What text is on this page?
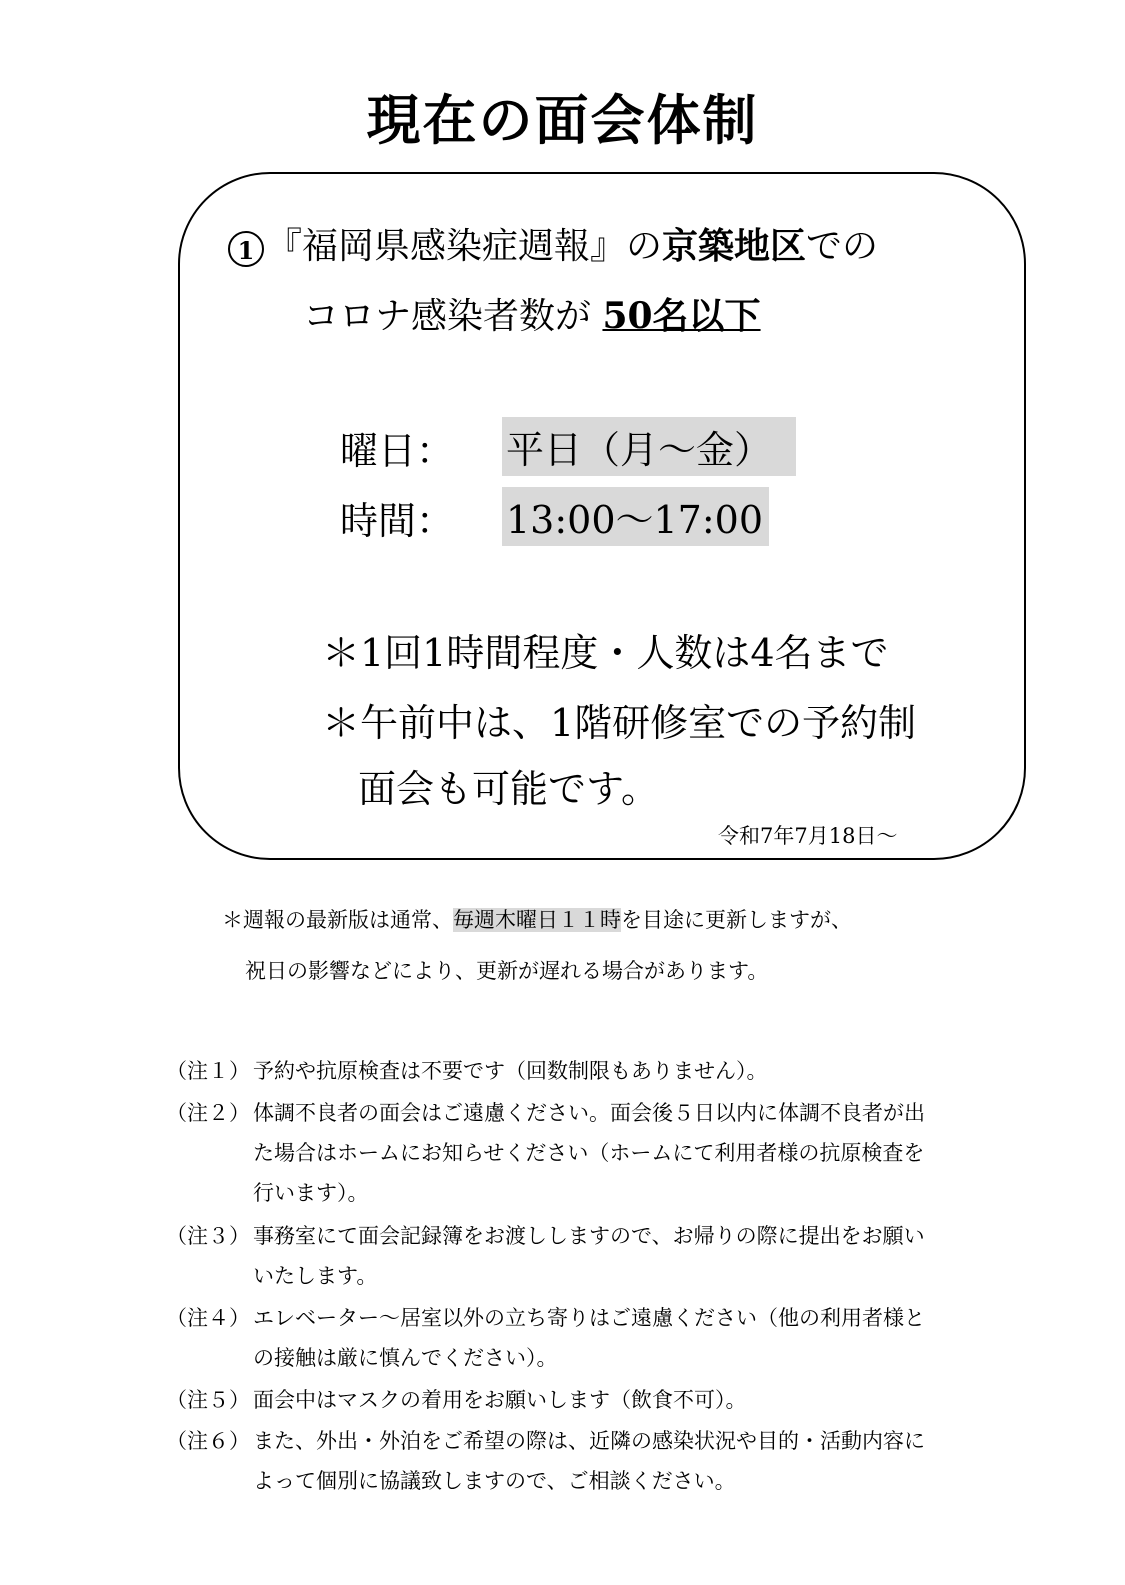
現在の面会体制
1 『福岡県感染症週報』の京築地区での
コロナ感染者数が 50名以下
曜日： 平日（月～金）
時間： 13:00～17:00
＊1回1時間程度・人数は4名まで
＊午前中は、1階研修室での予約制
面会も可能です。
令和7年7月18日～
＊週報の最新版は通常、毎週木曜日１１時を目途に更新しますが、
祝日の影響などにより、更新が遅れる場合があります。
（注１） 予約や抗原検査は不要です（回数制限もありません）。
（注２） 体調不良者の面会はご遠慮ください。面会後５日以内に体調不良者が出
た場合はホームにお知らせください（ホームにて利用者様の抗原検査を
行います）。
（注３） 事務室にて面会記録簿をお渡ししますので、お帰りの際に提出をお願い
いたします。
（注４） エレベーター～居室以外の立ち寄りはご遠慮ください（他の利用者様と
の接触は厳に慎んでください）。
（注５） 面会中はマスクの着用をお願いします（飲食不可）。
（注６） また、外出・外泊をご希望の際は、近隣の感染状況や目的・活動内容に
よって個別に協議致しますので、ご相談ください。
